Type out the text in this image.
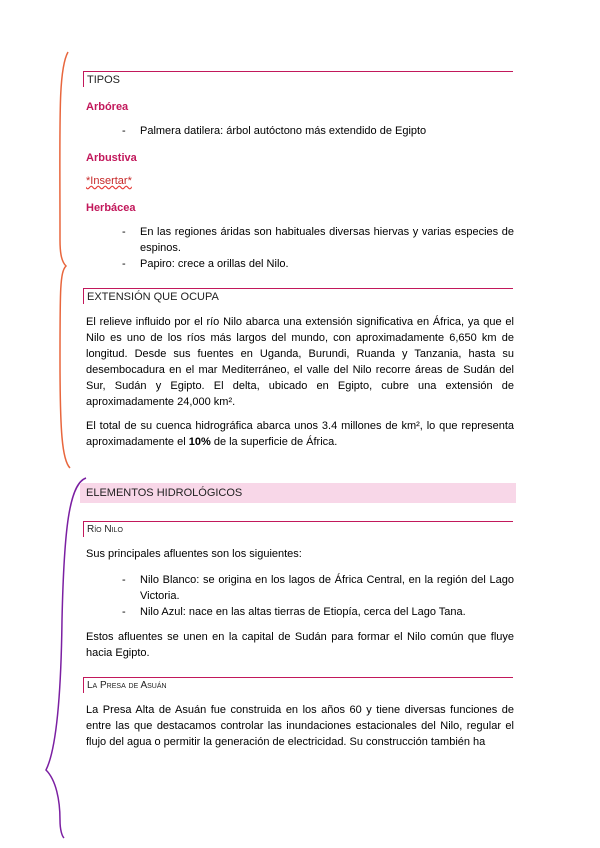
TIPOS
Arbórea
- Palmera datilera: árbol autóctono más extendido de Egipto
Arbustiva
*Insertar*
Herbácea
- En las regiones áridas son habituales diversas hiervas y varias especies de espinos.
- Papiro: crece a orillas del Nilo.
EXTENSIÓN QUE OCUPA
El relieve influido por el río Nilo abarca una extensión significativa en África, ya que el Nilo es uno de los ríos más largos del mundo, con aproximadamente 6,650 km de longitud. Desde sus fuentes en Uganda, Burundi, Ruanda y Tanzania, hasta su desembocadura en el mar Mediterráneo, el valle del Nilo recorre áreas de Sudán del Sur, Sudán y Egipto. El delta, ubicado en Egipto, cubre una extensión de aproximadamente 24,000 km².
El total de su cuenca hidrográfica abarca unos 3.4 millones de km², lo que representa aproximadamente el 10% de la superficie de África.
ELEMENTOS HIDROLÓGICOS
Río Nilo
Sus principales afluentes son los siguientes:
- Nilo Blanco: se origina en los lagos de África Central, en la región del Lago Victoria.
- Nilo Azul: nace en las altas tierras de Etiopía, cerca del Lago Tana.
Estos afluentes se unen en la capital de Sudán para formar el Nilo común que fluye hacia Egipto.
La Presa de Asuán
La Presa Alta de Asuán fue construida en los años 60 y tiene diversas funciones de entre las que destacamos controlar las inundaciones estacionales del Nilo, regular el flujo del agua o permitir la generación de electricidad. Su construcción también ha
